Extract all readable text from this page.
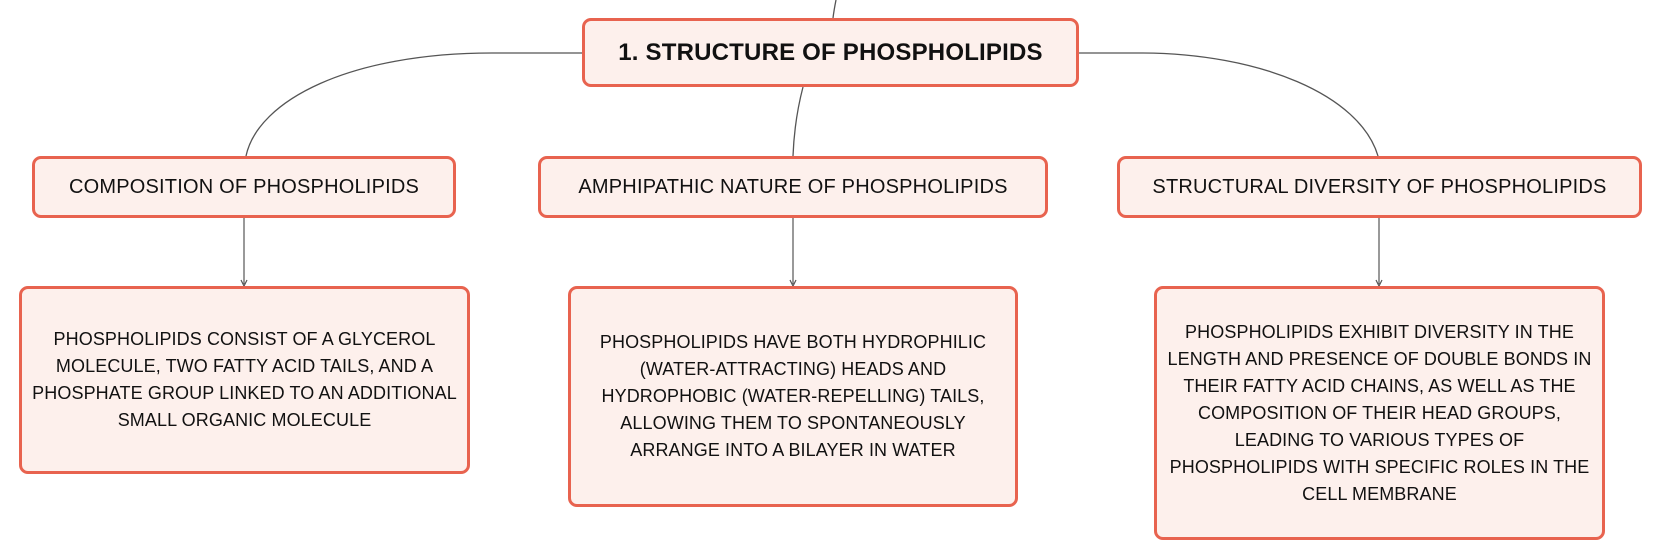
1. STRUCTURE OF PHOSPHOLIPIDS
COMPOSITION OF PHOSPHOLIPIDS	AMPHIPATHIC NATURE OF PHOSPHOLIPIDS	STRUCTURAL DIVERSITY OF PHOSPHOLIPIDS
PHOSPHOLIPIDS CONSIST OF A GLYCEROL MOLECULE, TWO FATTY ACID TAILS, AND A PHOSPHATE GROUP LINKED TO AN ADDITIONAL SMALL ORGANIC MOLECULE
PHOSPHOLIPIDS HAVE BOTH HYDROPHILIC (WATER-ATTRACTING) HEADS AND HYDROPHOBIC (WATER-REPELLING) TAILS, ALLOWING THEM TO SPONTANEOUSLY ARRANGE INTO A BILAYER IN WATER
PHOSPHOLIPIDS EXHIBIT DIVERSITY IN THE LENGTH AND PRESENCE OF DOUBLE BONDS IN THEIR FATTY ACID CHAINS, AS WELL AS THE COMPOSITION OF THEIR HEAD GROUPS, LEADING TO VARIOUS TYPES OF PHOSPHOLIPIDS WITH SPECIFIC ROLES IN THE CELL MEMBRANE
